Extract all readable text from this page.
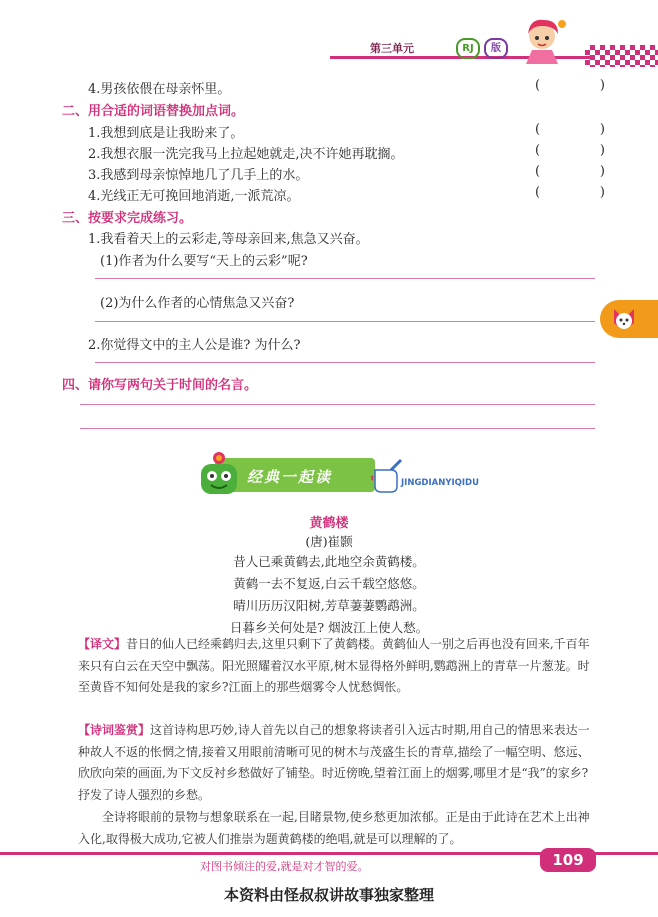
第三单元	RJ	版
4.男孩依偎在母亲怀里。	(	)
二、用合适的词语替换加点词。
1.我想到底是让我盼来了。
2.我想衣服一洗完我马上拉起她就走,决不许她再耽搁。
3.我感到母亲惊悼地几了几手上的水。
4.光线正无可挽回地消逝,一派荒凉。
(	)
(	)
(	)
(	)
三、按要求完成练习。
1.我看着天上的云彩走,等母亲回来,焦急又兴奋。
(1)作者为什么要写“天上的云彩”呢?
(2)为什么作者的心情焦急又兴奋?
2.你觉得文中的主人公是谁? 为什么?
四、请你写两句关于时间的名言。
经典一起读	JINGDIANYIQIDU
黄鹤楼
(唐)崔颢
昔人已乘黄鹤去,此地空余黄鹤楼。
黄鹤一去不复返,白云千载空悠悠。
晴川历历汉阳树,芳草萋萋鹦鹉洲。
日暮乡关何处是? 烟波江上使人愁。
【译文】昔日的仙人已经乘鹤归去,这里只剩下了黄鹤楼。黄鹤仙人一别之后再也没有回来,千百年来只有白云在天空中飘荡。阳光照耀着汉水平原,树木显得格外鲜明,鹦鹉洲上的青草一片葱茏。时至黄昏不知何处是我的家乡?江面上的那些烟雾令人忧愁惆怅。
【诗词鉴赏】这首诗构思巧妙,诗人首先以自己的想象将读者引入远古时期,用自己的情思来表达一种故人不返的怅惘之情,接着又用眼前清晰可见的树木与茂盛生长的青草,描绘了一幅空明、悠远、欣欣向荣的画面,为下文反衬乡愁做好了铺垫。时近傍晚,望着江面上的烟雾,哪里才是“我”的家乡?抒发了诗人强烈的乡愁。
全诗将眼前的景物与想象联系在一起,目睹景物,使乡愁更加浓郁。正是由于此诗在艺术上出神入化,取得极大成功,它被人们推崇为题黄鹤楼的绝唱,就是可以理解的了。
对图书倾注的爱,就是对才智的爱。	109
本资料由怪叔叔讲故事独家整理
